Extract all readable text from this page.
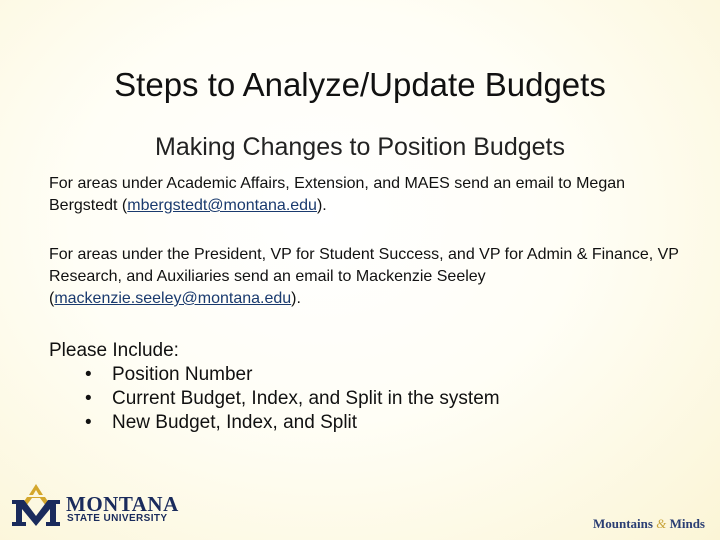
Steps to Analyze/Update Budgets
Making Changes to Position Budgets
For areas under Academic Affairs, Extension, and MAES send an email to Megan Bergstedt (mbergstedt@montana.edu).
For areas under the President, VP for Student Success, and VP for Admin & Finance, VP Research, and Auxiliaries send an email to Mackenzie Seeley (mackenzie.seeley@montana.edu).
Please Include:
• Position Number
• Current Budget, Index, and Split in the system
• New Budget, Index, and Split
MONTANA
STATE UNIVERSITY	Mountains & Minds
